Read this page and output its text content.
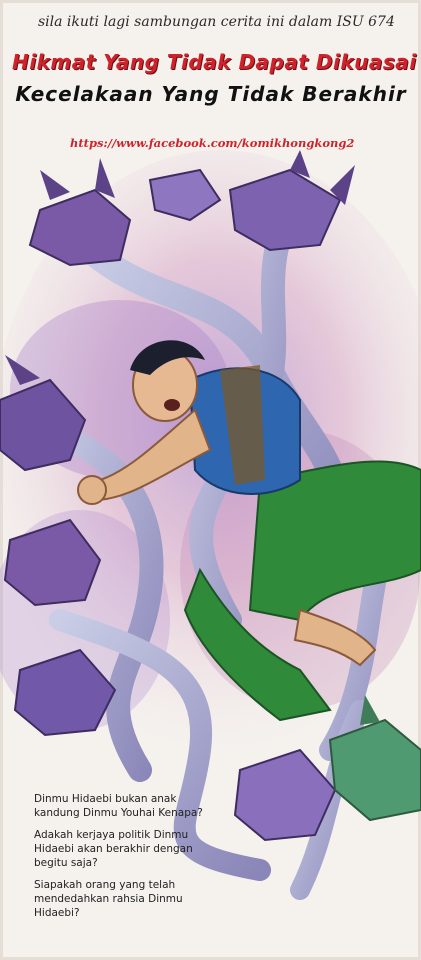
sila ikuti lagi sambungan cerita ini dalam ISU 674
Hikmat Yang Tidak Dapat Dikuasai
Kecelakaan Yang Tidak Berakhir
https://www.facebook.com/komikhongkong2

Dinmu Hidaebi bukan anak
kandung Dinmu Youhai Kenapa?

Adakah kerjaya politik Dinmu
Hidaebi akan berakhir dengan
begitu saja?

Siapakah orang yang telah
mendedahkan rahsia Dinmu
Hidaebi?
